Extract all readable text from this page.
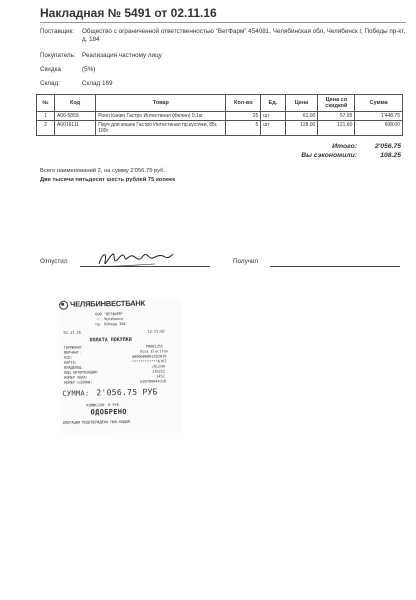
Накладная № 5491 от 02.11.16
Поставщик: Общество с ограниченной ответственностью "ВетФарм" 454081, Челябинская обл, Челябинск г, Победы пр-кт, д. 184
Покупатель: Реализация частному лицу
Скидка	(5%)
Склад:	Склад 169
№	Код	Товар	Кол-во	Ед.	Цена	Цена со скидкой	Сумма
1	А00-5859	Роял Канин Гастро Интестинал (Фелин) 0,1кг	25	шт	61.00	57.95	1'448.75
2	А0016111	Пауч для кошек Гастро Интестинал пр.кусочки, 85г, 100г	5	шт	128.00	121.60	608.00
Итого:	2'056.75
Вы сэкономили:	108.25
Всего наименований 2, на сумму 2'056.75 руб.
Две тысячи пятьдесят шесть рублей 75 копеек
Отпустил	Получил
ЧЕЛЯБИНВЕСТБАНК
ООО "ВЕТФАРМ"
г. Челябинск
пр. Победы 184
02.11.16	12:52:02
ОПЛАТА ПОКУПКИ
ТЕРМИНАЛ:	P0001355
МЕРЧАНТ:	Visa Electron
AID:	A000000003202010
КАРТА:	************6767
ВЛАДЕЛЕЦ:	/ELCHA
КОД АВТОРИЗАЦИИ:	139222
НОМЕР ЧЕКА:	1452
НОМЕР ССЫЛКИ:	630709044318
СУММА: 2'056.75 РУБ
КОМИССИЯ: 0 РУБ.
ОДОБРЕНО
ОПЕРАЦИЯ ПОДТВЕРЖДЕНА ПИН-КОДОМ
